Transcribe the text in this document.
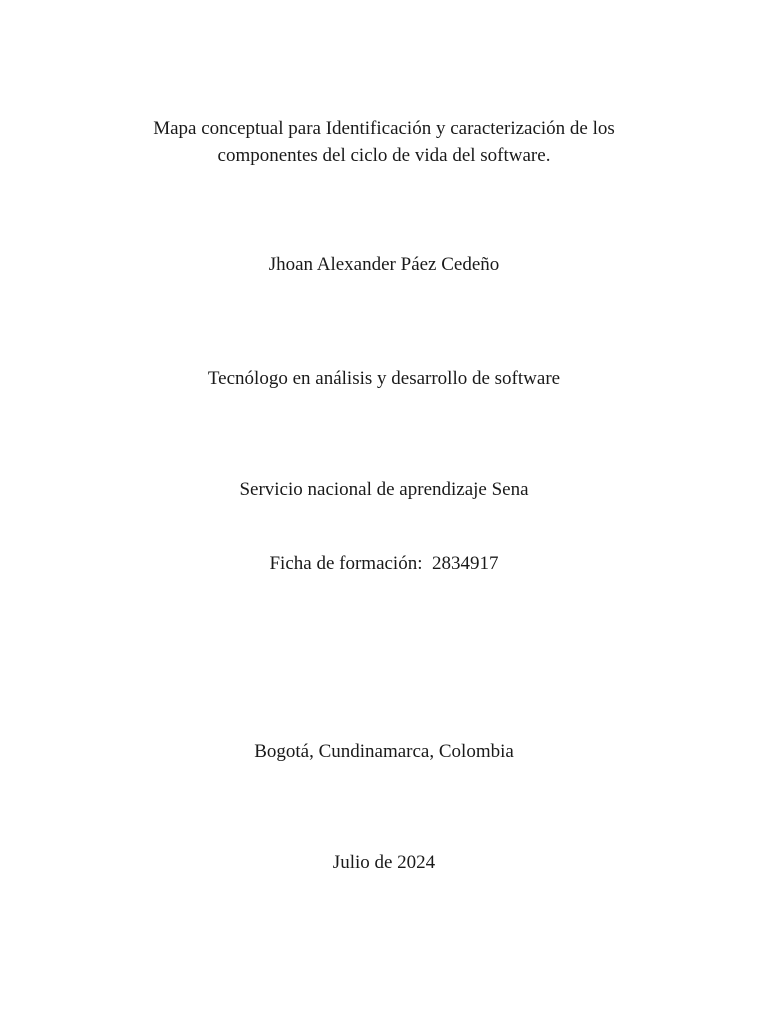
Mapa conceptual para Identificación y caracterización de los
componentes del ciclo de vida del software.
Jhoan Alexander Páez Cedeño
Tecnólogo en análisis y desarrollo de software
Servicio nacional de aprendizaje Sena
Ficha de formación:  2834917
Bogotá, Cundinamarca, Colombia
Julio de 2024
